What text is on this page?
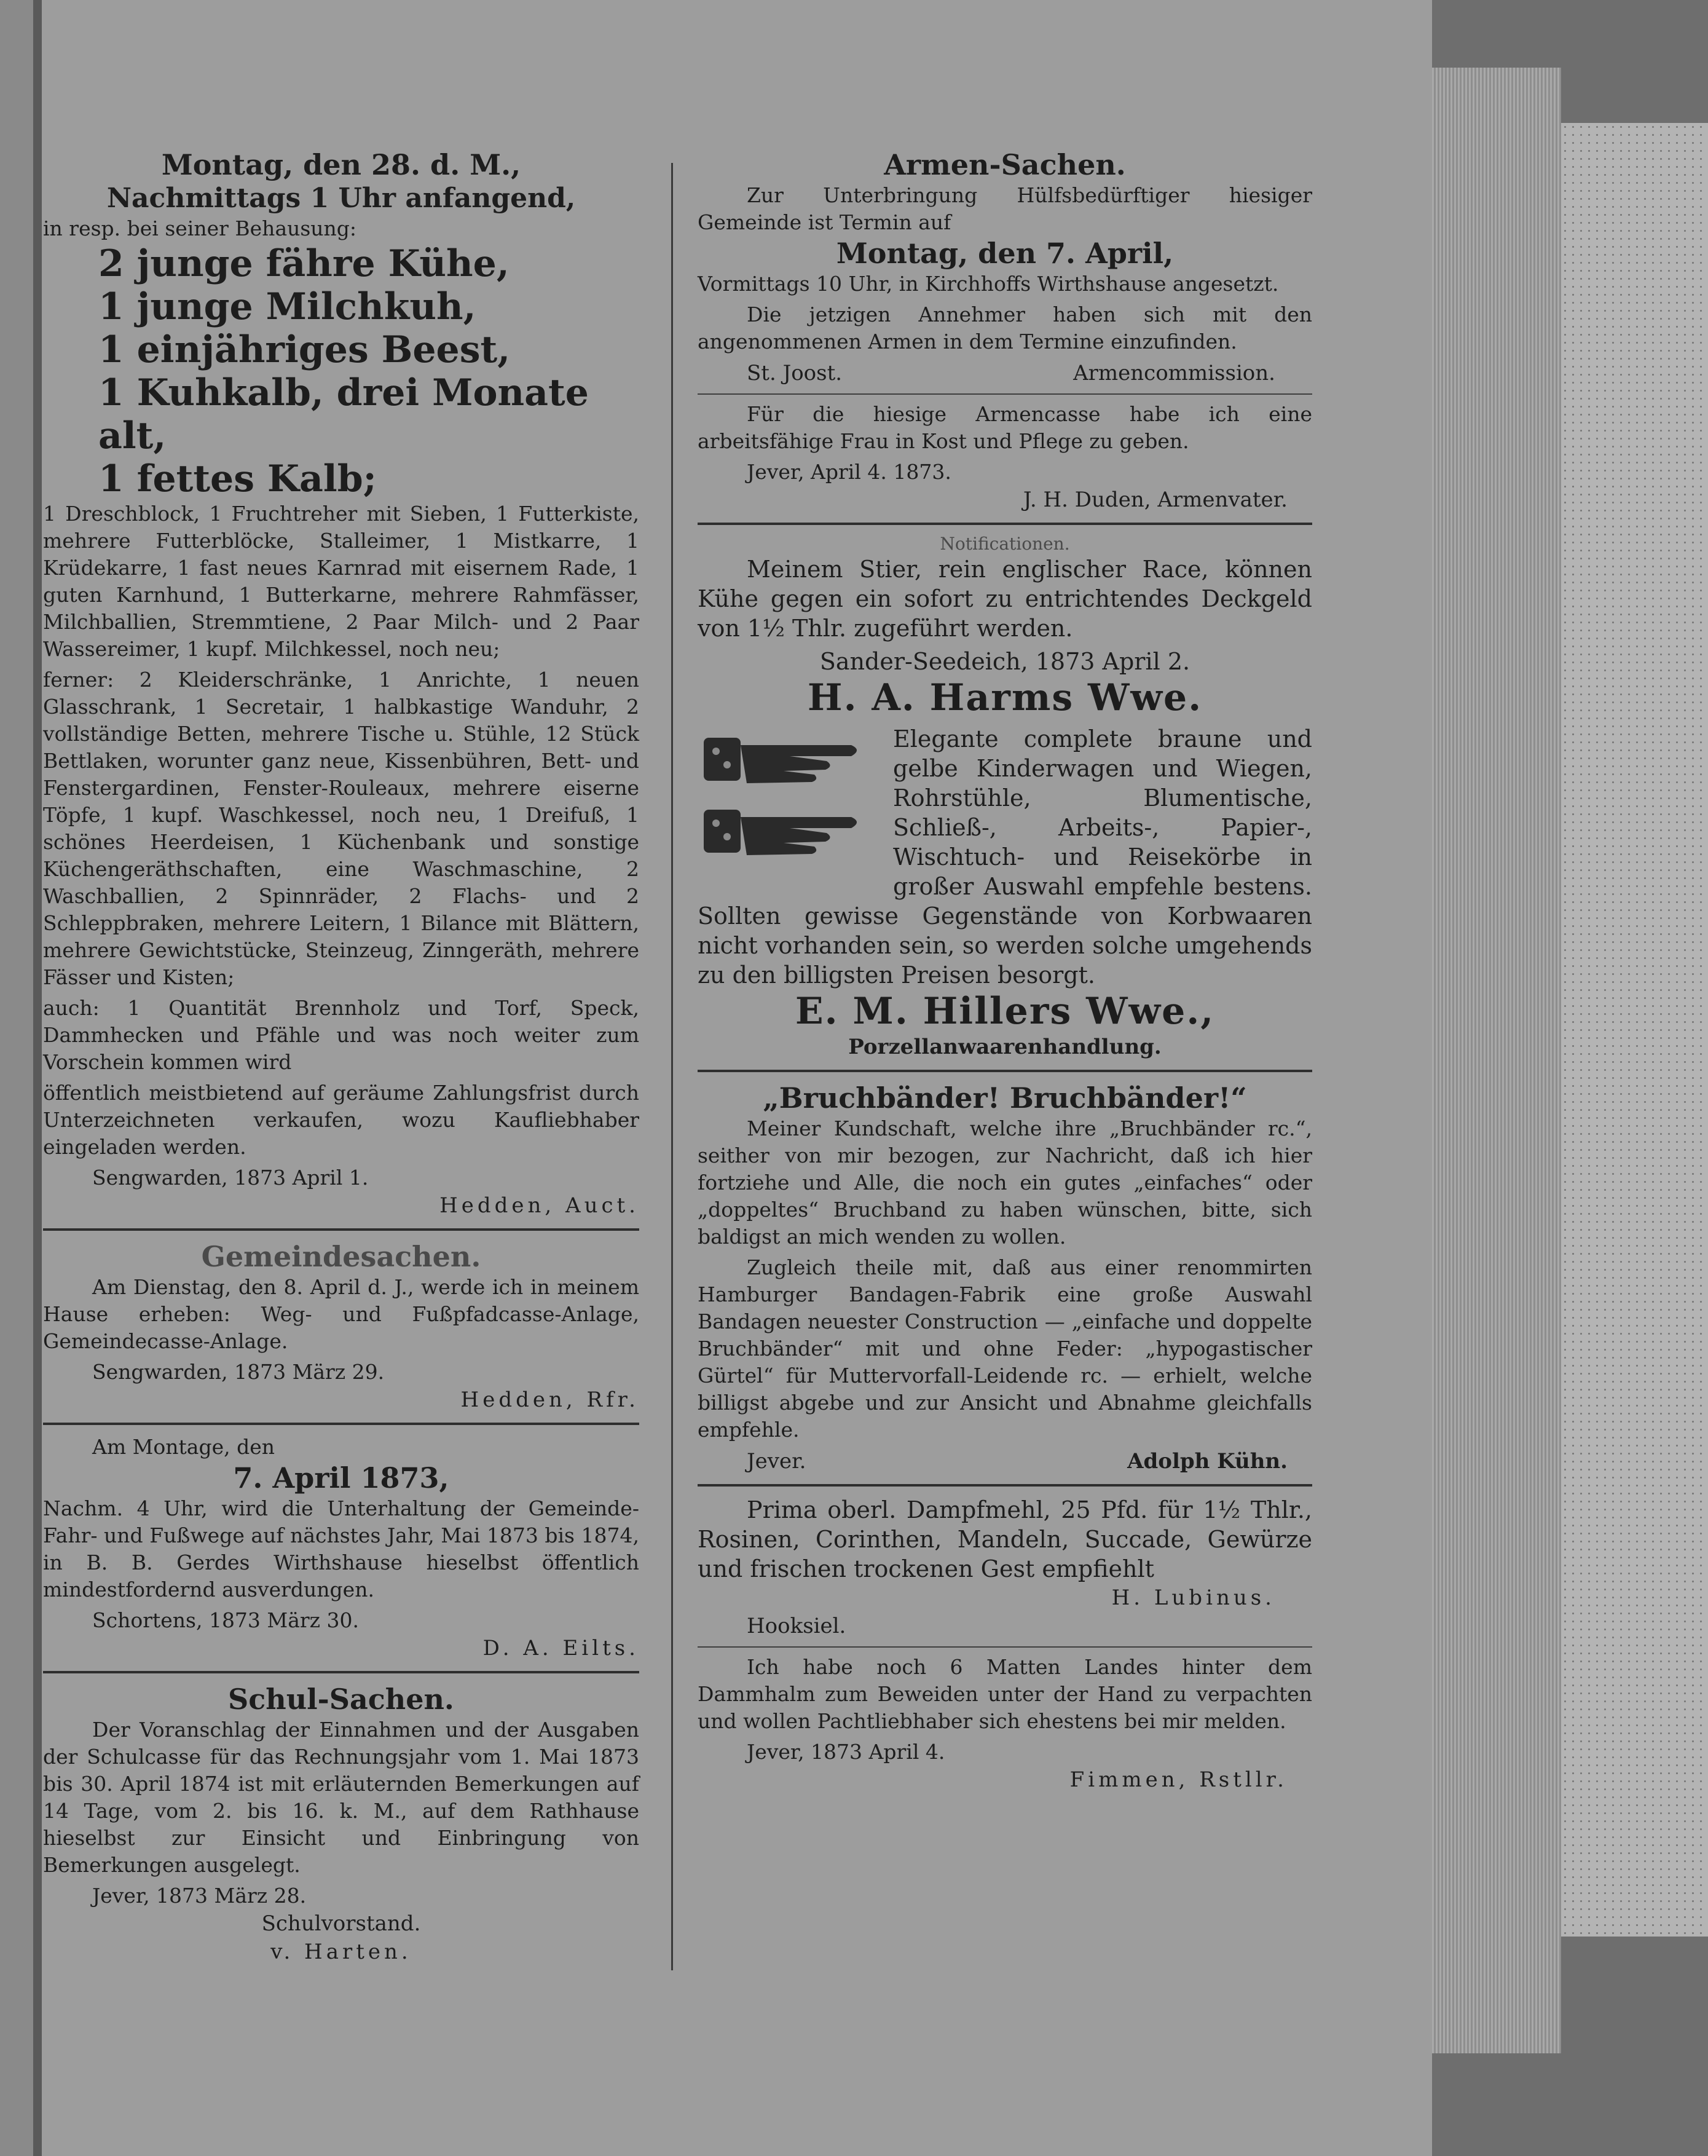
Montag, den 28. d. M.,

Nachmittags 1 Uhr anfangend,

in resp. bei seiner Behausung:

2 junge fähre Kühe,

1 junge Milchkuh,

1 einjähriges Beest,

1 Kuhkalb, drei Monate alt,

1 fettes Kalb;

1 Dreschblock, 1 Fruchtreher mit Sieben, 1 Futterkiste, mehrere Futterblöcke, Stalleimer, 1 Mistkarre, 1 Krüdekarre, 1 fast neues Karnrad mit eisernem Rade, 1 guten Karnhund, 1 Butterkarne, mehrere Rahmfässer, Milchballien, Stremmtiene, 2 Paar Milch- und 2 Paar Wassereimer, 1 kupf. Milchkessel, noch neu;

ferner: 2 Kleiderschränke, 1 Anrichte, 1 neuen Glasschrank, 1 Secretair, 1 halbkastige Wanduhr, 2 vollständige Betten, mehrere Tische u. Stühle, 12 Stück Bettlaken, worunter ganz neue, Kissenbühren, Bett- und Fenstergardinen, Fenster-Rouleaux, mehrere eiserne Töpfe, 1 kupf. Waschkessel, noch neu, 1 Dreifuß, 1 schönes Heerdeisen, 1 Küchenbank und sonstige Küchengeräthschaften, eine Waschmaschine, 2 Waschballien, 2 Spinnräder, 2 Flachs- und 2 Schleppbraken, mehrere Leitern, 1 Bilance mit Blättern, mehrere Gewichtstücke, Steinzeug, Zinngeräth, mehrere Fässer und Kisten;

auch: 1 Quantität Brennholz und Torf, Speck, Dammhecken und Pfähle und was noch weiter zum Vorschein kommen wird

öffentlich meistbietend auf geräume Zahlungsfrist durch Unterzeichneten verkaufen, wozu Kaufliebhaber eingeladen werden.

Sengwarden, 1873 April 1.

Hedden, Auct.

Gemeindesachen.

Am Dienstag, den 8. April d. J., werde ich in meinem Hause erheben: Weg- und Fußpfadcasse-Anlage, Gemeindecasse-Anlage.

Sengwarden, 1873 März 29.

Hedden, Rfr.

Am Montage, den

7. April 1873,

Nachm. 4 Uhr, wird die Unterhaltung der Gemeinde-Fahr- und Fußwege auf nächstes Jahr, Mai 1873 bis 1874, in B. B. Gerdes Wirthshause hieselbst öffentlich mindestfordernd ausverdungen.

Schortens, 1873 März 30.

D. A. Eilts.

Schul-Sachen.

Der Voranschlag der Einnahmen und der Ausgaben der Schulcasse für das Rechnungsjahr vom 1. Mai 1873 bis 30. April 1874 ist mit erläuternden Bemerkungen auf 14 Tage, vom 2. bis 16. k. M., auf dem Rathhause hieselbst zur Einsicht und Einbringung von Bemerkungen ausgelegt.

Jever, 1873 März 28.

Schulvorstand.

v. Harten.

Armen-Sachen.

Zur Unterbringung Hülfsbedürftiger hiesiger Gemeinde ist Termin auf

Montag, den 7. April,

Vormittags 10 Uhr, in Kirchhoffs Wirthshause angesetzt.

Die jetzigen Annehmer haben sich mit den angenommenen Armen in dem Termine einzufinden.

St. Joost.	Armencommission.

Für die hiesige Armencasse habe ich eine arbeitsfähige Frau in Kost und Pflege zu geben.

Jever, April 4. 1873.

J. H. Duden, Armenvater.

Notificationen.

Meinem Stier, rein englischer Race, können Kühe gegen ein sofort zu entrichtendes Deckgeld von 1½ Thlr. zugeführt werden.

Sander-Seedeich, 1873 April 2.

H. A. Harms Wwe.

Elegante complete braune und gelbe Kinderwagen und Wiegen, Rohrstühle, Blumentische, Schließ-, Arbeits-, Papier-, Wischtuch- und Reisekörbe in großer Auswahl empfehle bestens. Sollten gewisse Gegenstände von Korbwaaren nicht vorhanden sein, so werden solche umgehends zu den billigsten Preisen besorgt.

E. M. Hillers Wwe.,

Porzellanwaarenhandlung.

„Bruchbänder! Bruchbänder!“

Meiner Kundschaft, welche ihre „Bruchbänder rc.“, seither von mir bezogen, zur Nachricht, daß ich hier fortziehe und Alle, die noch ein gutes „einfaches“ oder „doppeltes“ Bruchband zu haben wünschen, bitte, sich baldigst an mich wenden zu wollen.

Zugleich theile mit, daß aus einer renommirten Hamburger Bandagen-Fabrik eine große Auswahl Bandagen neuester Construction — „einfache und doppelte Bruchbänder“ mit und ohne Feder: „hypogastischer Gürtel“ für Muttervorfall-Leidende rc. — erhielt, welche billigst abgebe und zur Ansicht und Abnahme gleichfalls empfehle.

Jever.	Adolph Kühn.

Prima oberl. Dampfmehl, 25 Pfd. für 1½ Thlr., Rosinen, Corinthen, Mandeln, Succade, Gewürze und frischen trockenen Gest empfiehlt

H. Lubinus.

Hooksiel.

Ich habe noch 6 Matten Landes hinter dem Dammhalm zum Beweiden unter der Hand zu verpachten und wollen Pachtliebhaber sich ehestens bei mir melden.

Jever, 1873 April 4.

Fimmen, Rstllr.
